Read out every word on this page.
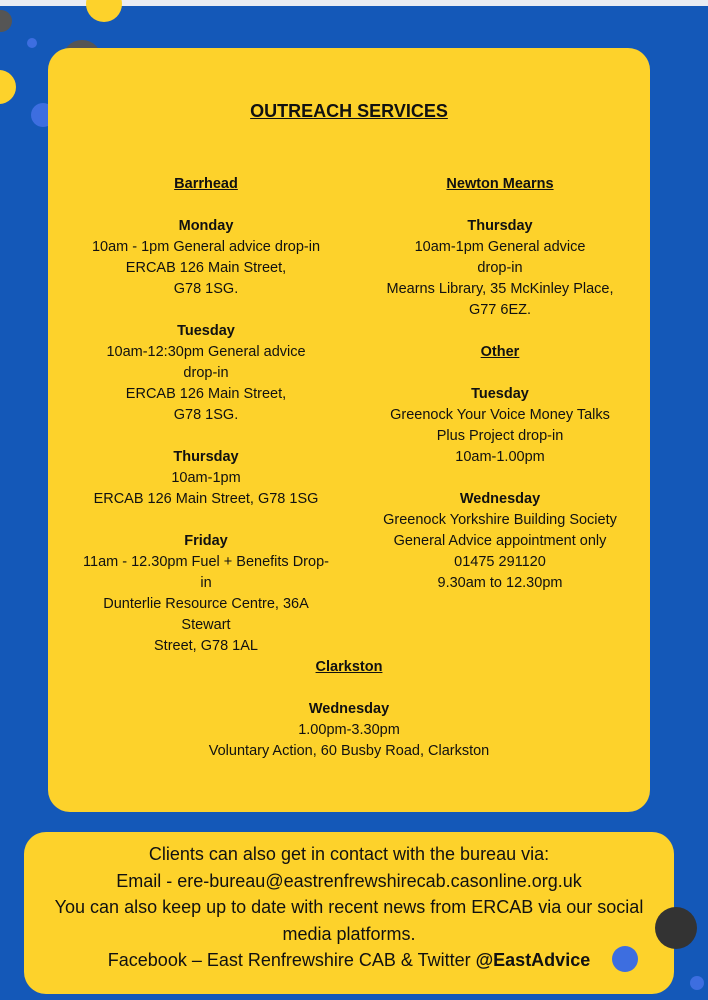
OUTREACH SERVICES
Barrhead
Monday
10am - 1pm General advice drop-in
ERCAB 126 Main Street,
G78 1SG.
Tuesday
10am-12:30pm General advice
drop-in
ERCAB 126 Main Street,
G78 1SG.
Thursday
10am-1pm
ERCAB 126 Main Street, G78 1SG
Friday
11am - 12.30pm Fuel + Benefits Drop-in
Dunterlie Resource Centre, 36A Stewart
Street, G78 1AL
Newton Mearns
Thursday
10am-1pm General advice
drop-in
Mearns Library, 35 McKinley Place,
G77 6EZ.
Other
Tuesday
Greenock Your Voice Money Talks
Plus Project drop-in
10am-1.00pm
Wednesday
Greenock Yorkshire Building Society
General Advice appointment only
01475 291120
9.30am to 12.30pm
Clarkston
Wednesday
1.00pm-3.30pm
Voluntary Action, 60 Busby Road, Clarkston
Clients can also get in contact with the bureau via:
Email - ere-bureau@eastrenfrewshirecab.casonline.org.uk
You can also keep up to date with recent news from ERCAB via our social
media platforms.
Facebook – East Renfrewshire CAB & Twitter @EastAdvice
